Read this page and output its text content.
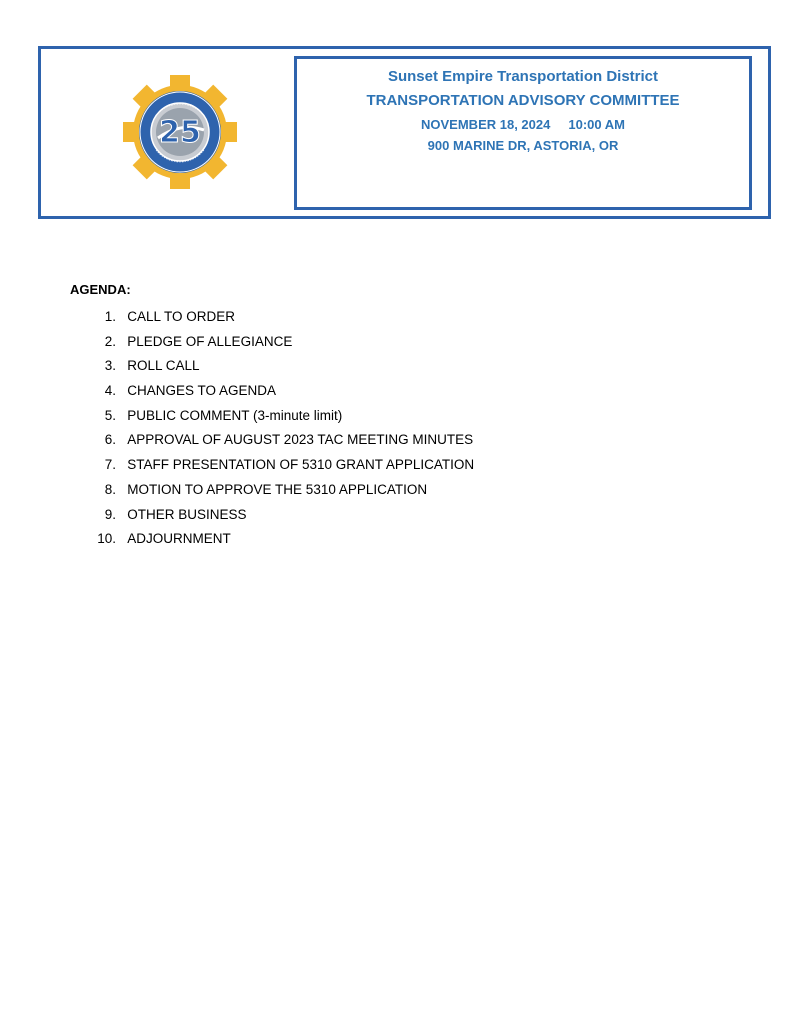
25
Sunset Empire Transportation District
TRANSPORTATION ADVISORY COMMITTEE
NOVEMBER 18, 2024 10:00 AM
900 MARINE DR, ASTORIA, OR
AGENDA:
1. CALL TO ORDER
2. PLEDGE OF ALLEGIANCE
3. ROLL CALL
4. CHANGES TO AGENDA
5. PUBLIC COMMENT (3-minute limit)
6. APPROVAL OF AUGUST 2023 TAC MEETING MINUTES
7. STAFF PRESENTATION OF 5310 GRANT APPLICATION
8. MOTION TO APPROVE THE 5310 APPLICATION
9. OTHER BUSINESS
10. ADJOURNMENT
